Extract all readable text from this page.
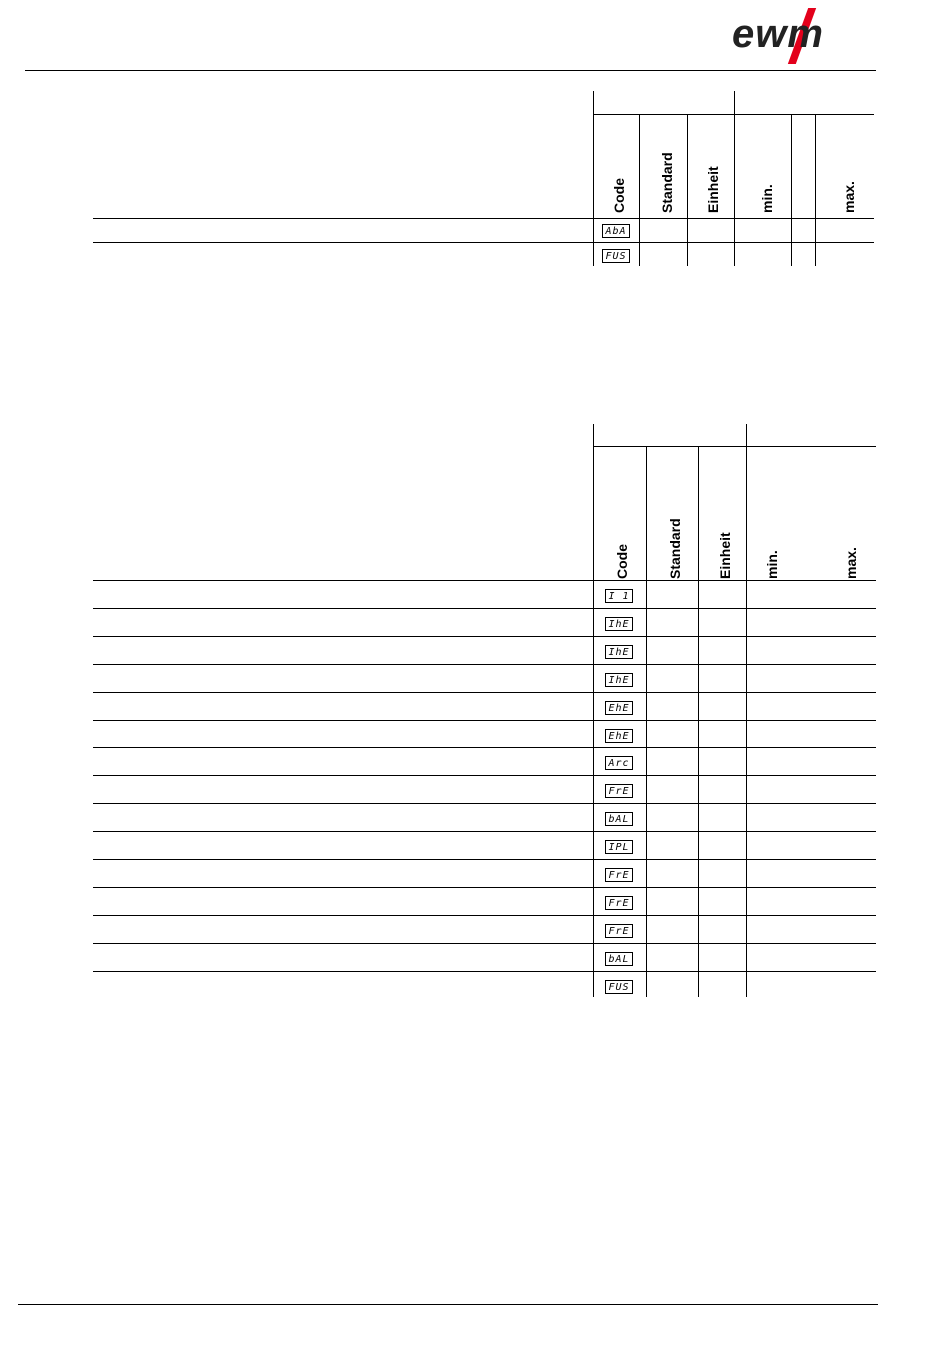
ewm
Code Standard Einheit	min.	max.
AbA
FUS
Code	Standard Einheit min.	max.
I 1
IhE
IhE
IhE
EhE
EhE
Arc
FrE
bAL
IPL
FrE
FrE
FrE
bAL
FUS
